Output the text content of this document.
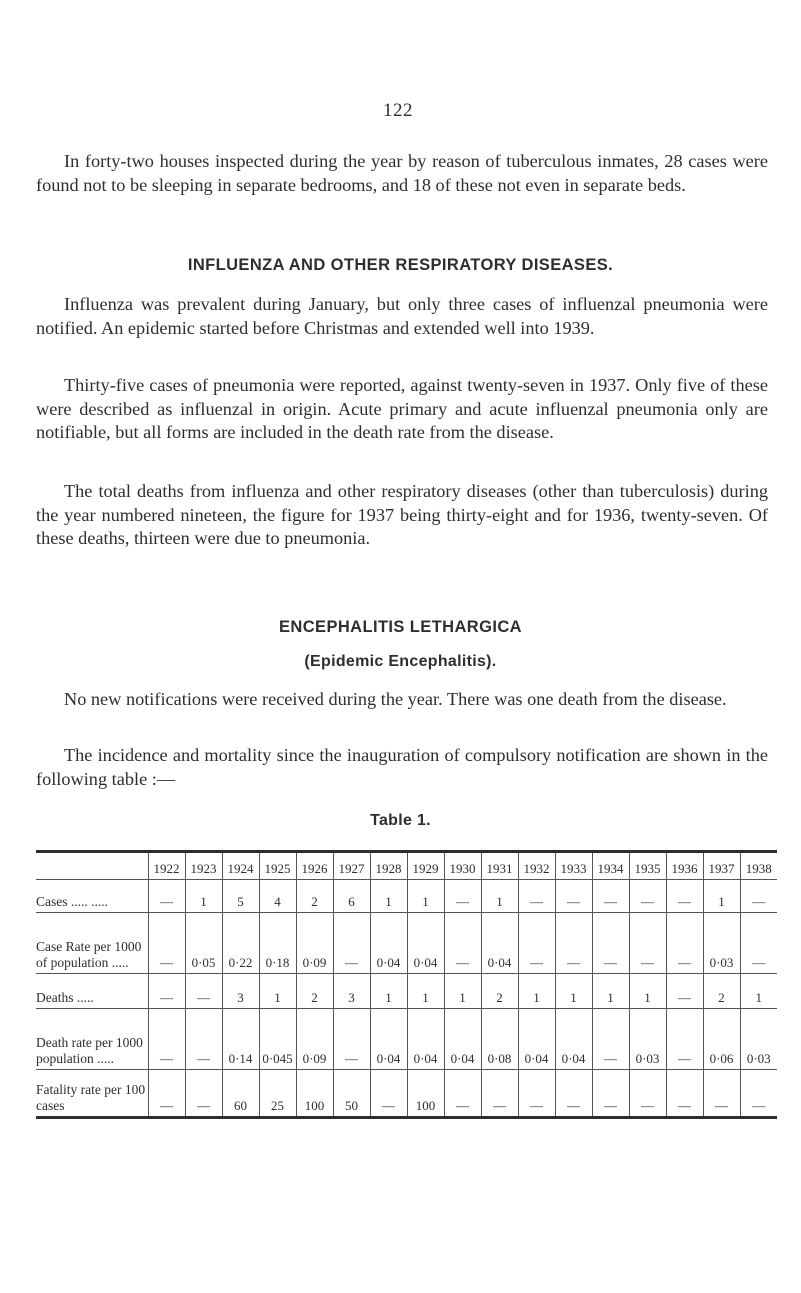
122

In forty-two houses inspected during the year by reason of tuberculous inmates, 28 cases were found not to be sleeping in separate bedrooms, and 18 of these not even in separate beds.

INFLUENZA AND OTHER RESPIRATORY DISEASES.

Influenza was prevalent during January, but only three cases of influenzal pneumonia were notified. An epidemic started before Christmas and extended well into 1939.

Thirty-five cases of pneumonia were reported, against twenty-seven in 1937. Only five of these were described as influenzal in origin. Acute primary and acute influenzal pneumonia only are notifiable, but all forms are included in the death rate from the disease.

The total deaths from influenza and other respiratory diseases (other than tuberculosis) during the year numbered nineteen, the figure for 1937 being thirty-eight and for 1936, twenty-seven. Of these deaths, thirteen were due to pneumonia.

ENCEPHALITIS LETHARGICA
(Epidemic Encephalitis).

No new notifications were received during the year. There was one death from the disease.

The incidence and mortality since the inauguration of compulsory notification are shown in the following table :—

Table 1.
	1922	1923	1924	1925	1926	1927	1928	1929	1930	1931	1932	1933	1934	1935	1936	1937	1938
Cases ..... .....	—	1	5	4	2	6	1	1	—	1	—	—	—	—	—	1	—
Case Rate per 1000 of population .....	—	0·05	0·22	0·18	0·09	—	0·04	0·04	—	0·04	—	—	—	—	—	0·03	—
Deaths .....	—	—	3	1	2	3	1	1	1	2	1	1	1	1	—	2	1
Death rate per 1000 population .....	—	—	0·14	0·045	0·09	—	0·04	0·04	0·04	0·08	0·04	0·04	—	0·03	—	0·06	0·03
Fatality rate per 100 cases	—	—	60	25	100	50	—	100	—	—	—	—	—	—	—	—	—
